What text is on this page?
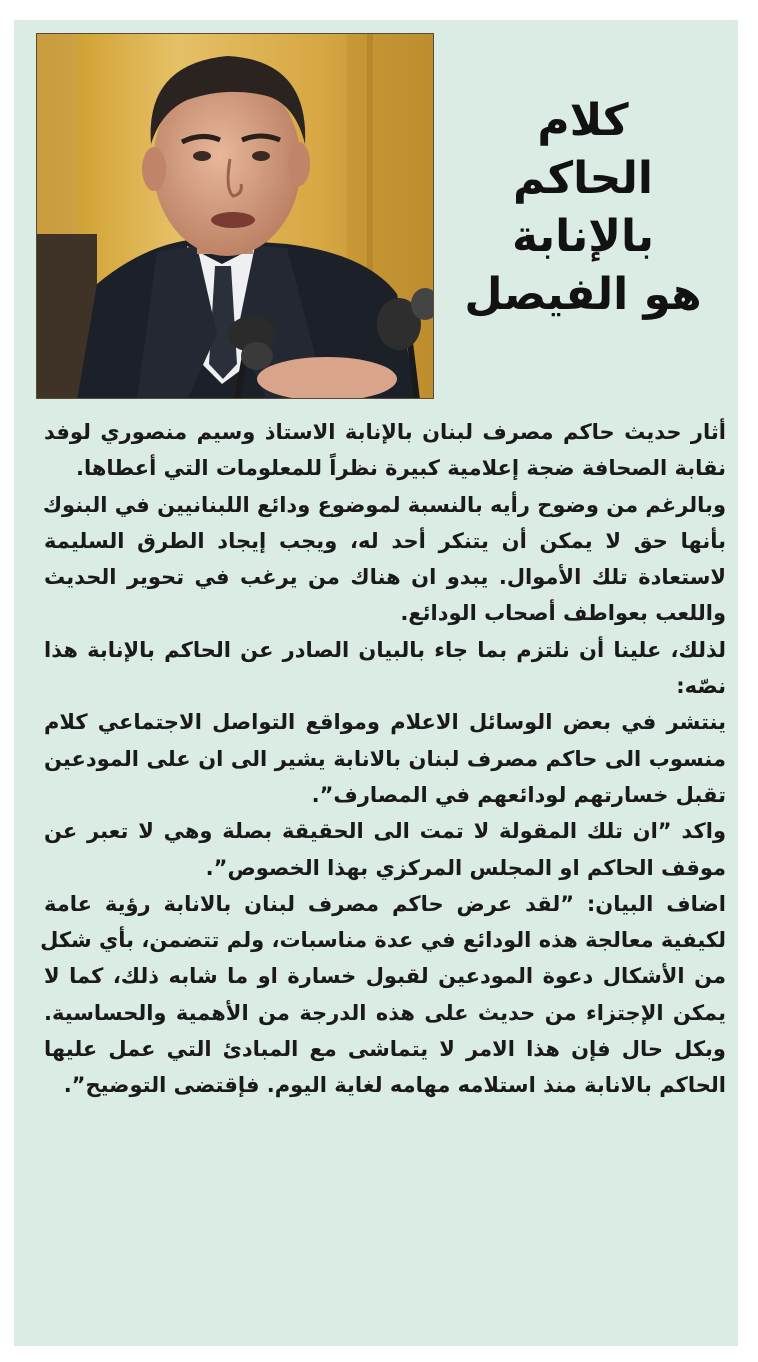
كلام
الحاكم
بالإنابة
هو الفيصل
أثار حديث حاكم مصرف لبنان بالإنابة الاستاذ وسيم منصوري لوفد
نقابة الصحافة ضجة إعلامية كبيرة نظراً للمعلومات التي أعطاها.
وبالرغم من وضوح رأيه بالنسبة لموضوع ودائع اللبنانيين في البنوك
بأنها حق لا يمكن أن يتنكر أحد له، ويجب إيجاد الطرق السليمة
لاستعادة تلك الأموال. يبدو ان هناك من يرغب في تحوير الحديث
واللعب بعواطف أصحاب الودائع.
لذلك، علينا أن نلتزم بما جاء بالبيان الصادر عن الحاكم بالإنابة هذا
نصّه:
ينتشر في بعض الوسائل الاعلام ومواقع التواصل الاجتماعي كلام
منسوب الى حاكم مصرف لبنان بالانابة يشير الى ان على المودعين
تقبل خسارتهم لودائعهم في المصارف”.
واكد ”ان تلك المقولة لا تمت الى الحقيقة بصلة وهي لا تعبر عن
موقف الحاكم او المجلس المركزي بهذا الخصوص”.
اضاف البيان: ”لقد عرض حاكم مصرف لبنان بالانابة رؤية عامة
لكيفية معالجة هذه الودائع في عدة مناسبات، ولم تتضمن، بأي شكل
من الأشكال دعوة المودعين لقبول خسارة او ما شابه ذلك، كما لا
يمكن الإجتزاء من حديث على هذه الدرجة من الأهمية والحساسية.
وبكل حال فإن هذا الامر لا يتماشى مع المبادئ التي عمل عليها
الحاكم بالانابة منذ استلامه مهامه لغاية اليوم. فإقتضى التوضيح”.
